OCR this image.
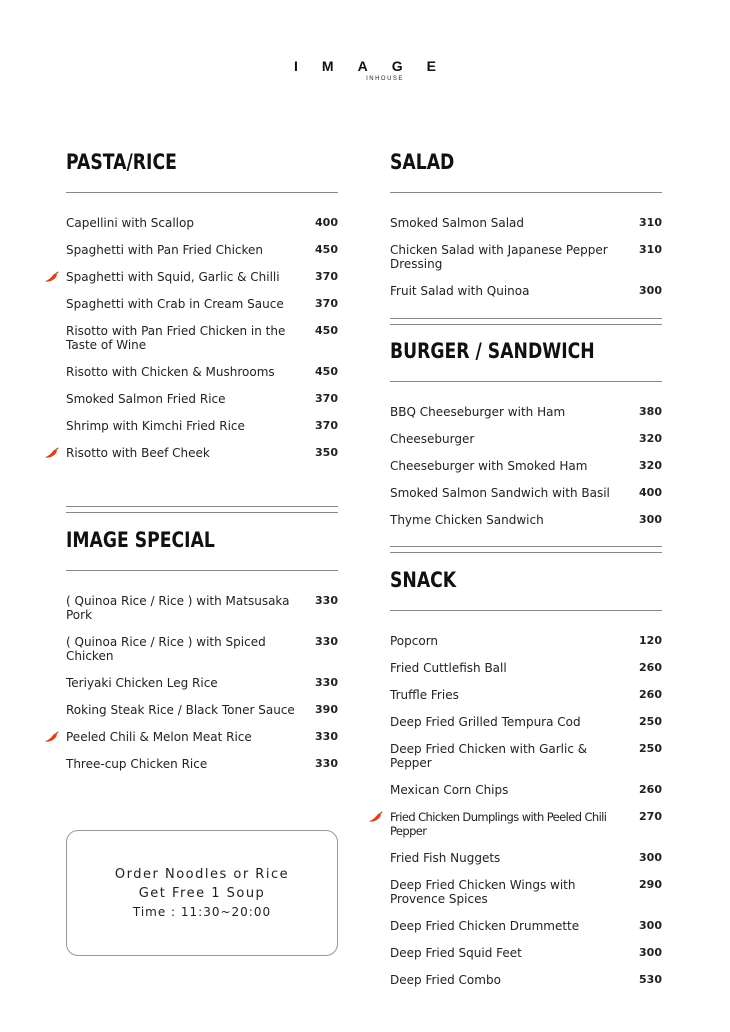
IMAGE
INHOUSE
PASTA/RICE
Capellini with Scallop	400
Spaghetti with Pan Fried Chicken	450
Spaghetti with Squid, Garlic & Chilli	370
Spaghetti with Crab in Cream Sauce	370
Risotto with Pan Fried Chicken in the Taste of Wine
450
Risotto with Chicken & Mushrooms	450
Smoked Salmon Fried Rice	370
Shrimp with Kimchi Fried Rice	370
Risotto with Beef Cheek	350
IMAGE SPECIAL
( Quinoa Rice / Rice ) with Matsusaka Pork
330
( Quinoa Rice / Rice ) with Spiced Chicken
330
Teriyaki Chicken Leg Rice	330
Roking Steak Rice / Black Toner Sauce	390
Peeled Chili & Melon Meat Rice	330
Three-cup Chicken Rice	330
Order Noodles or Rice
Get Free 1 Soup
Time : 11:30~20:00
SALAD
Smoked Salmon Salad	310
Chicken Salad with Japanese Pepper Dressing
310
Fruit Salad with Quinoa	300
BURGER / SANDWICH
BBQ Cheeseburger with Ham	380
Cheeseburger	320
Cheeseburger with Smoked Ham	320
Smoked Salmon Sandwich with Basil	400
Thyme Chicken Sandwich	300
SNACK
Popcorn	120
Fried Cuttlefish Ball	260
Truffle Fries	260
Deep Fried Grilled Tempura Cod	250
Deep Fried Chicken with Garlic & Pepper
250
Mexican Corn Chips	260
Fried Chicken Dumplings with Peeled Chili Pepper
270
Fried Fish Nuggets	300
Deep Fried Chicken Wings with Provence Spices
290
Deep Fried Chicken Drummette	300
Deep Fried Squid Feet	300
Deep Fried Combo	530
